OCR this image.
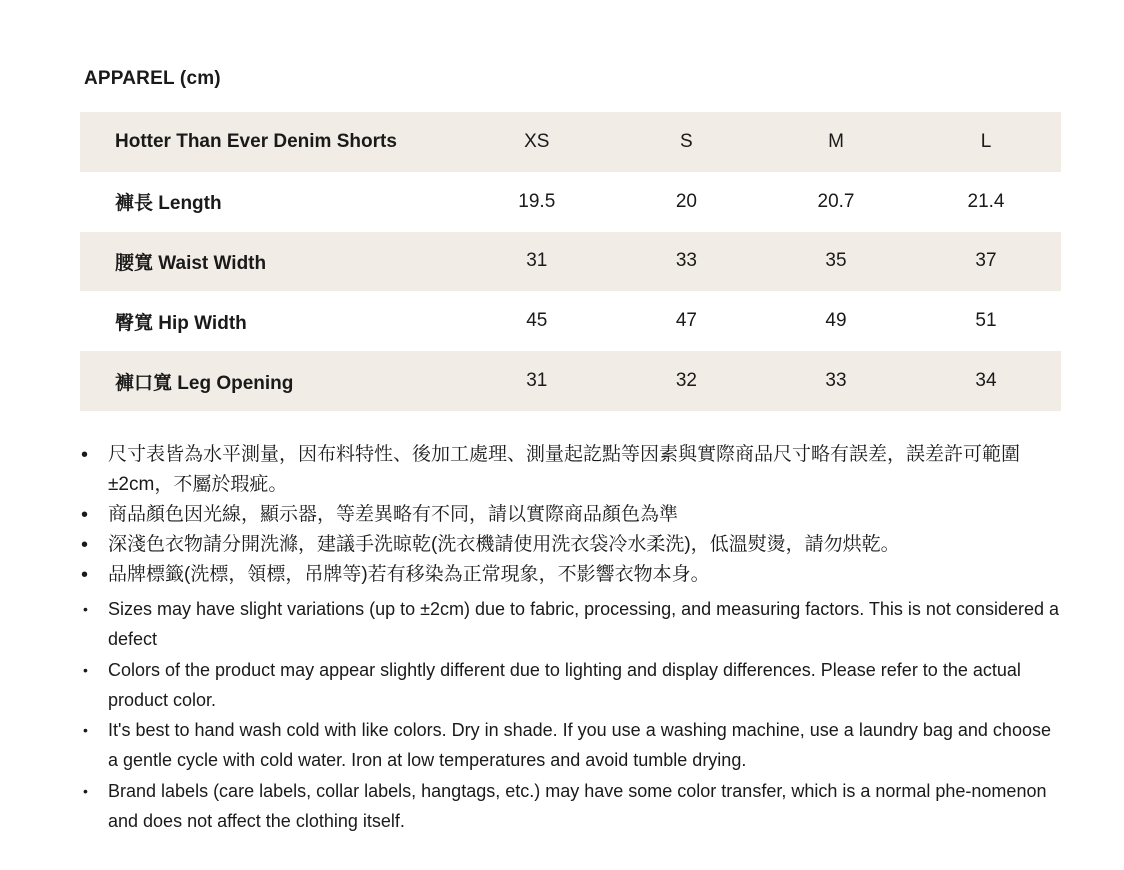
APPAREL (cm)
Hotter Than Ever Denim Shorts	XS	S	M	L
褲長 Length	19.5	20	20.7	21.4
腰寬 Waist Width	31	33	35	37
臀寬 Hip Width	45	47	49	51
褲口寬 Leg Opening	31	32	33	34
• 尺寸表皆為水平測量，因布料特性、後加工處理、測量起訖點等因素與實際商品尺寸略有誤差，誤差許可範圍±2cm，不屬於瑕疵。
• 商品顏色因光線，顯示器，等差異略有不同，請以實際商品顏色為準
• 深淺色衣物請分開洗滌，建議手洗晾乾(洗衣機請使用洗衣袋冷水柔洗)，低溫熨燙，請勿烘乾。
• 品牌標籤(洗標，領標，吊牌等)若有移染為正常現象，不影響衣物本身。
• Sizes may have slight variations (up to ±2cm) due to fabric, processing, and measuring factors. This is not considered a defect
• Colors of the product may appear slightly different due to lighting and display differences. Please refer to the actual product color.
• It's best to hand wash cold with like colors. Dry in shade. If you use a washing machine, use a laundry bag and choose a gentle cycle with cold water. Iron at low temperatures and avoid tumble drying.
• Brand labels (care labels, collar labels, hangtags, etc.) may have some color transfer, which is a normal phe-nomenon and does not affect the clothing itself.
